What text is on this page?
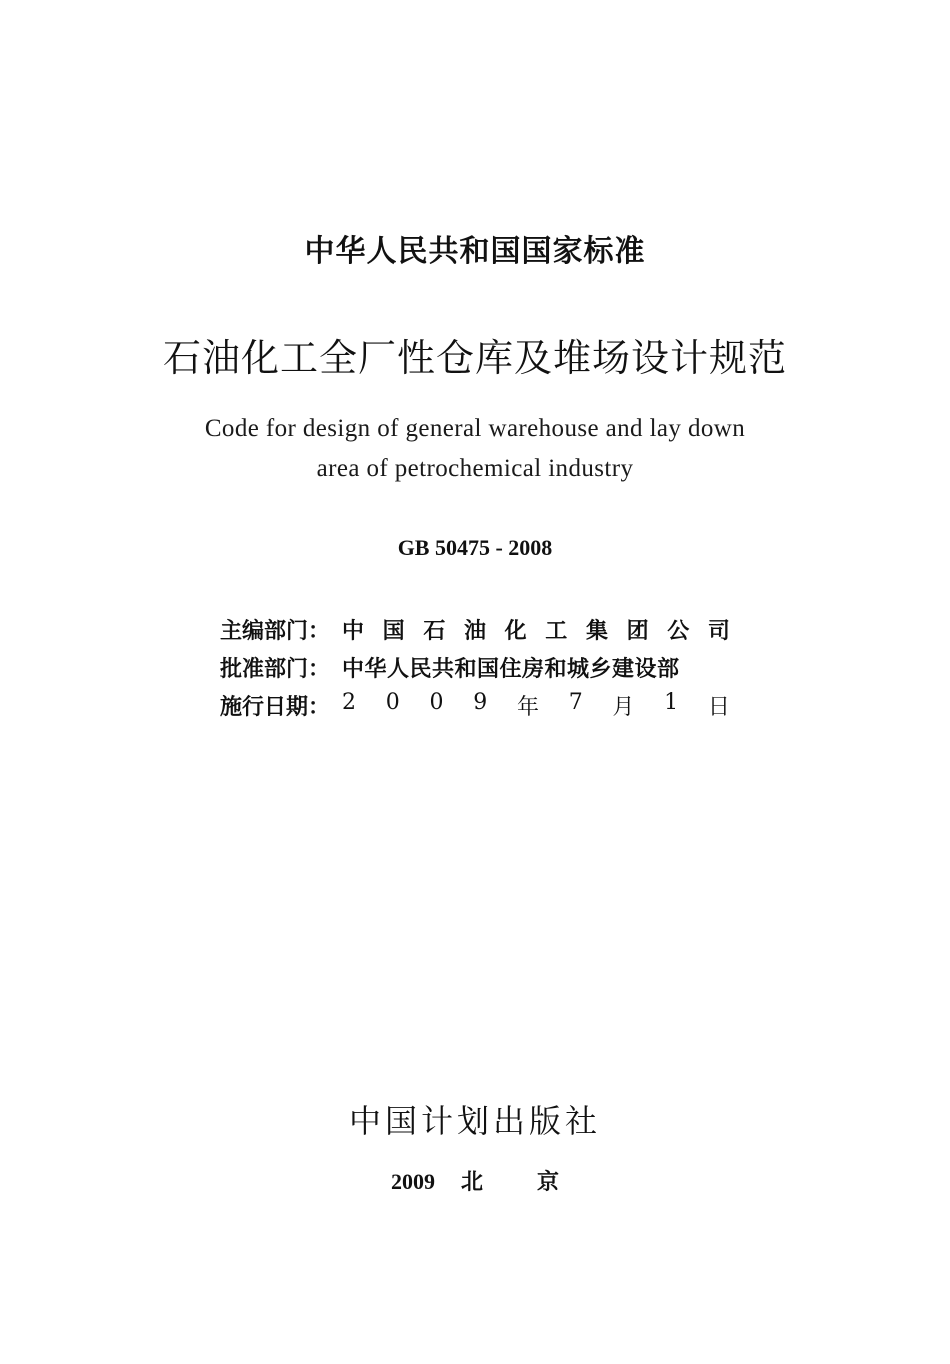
中华人民共和国国家标准
石油化工全厂性仓库及堆场设计规范
Code for design of general warehouse and lay down
area of petrochemical industry
GB 50475 - 2008
主编部门： 中 国 石 油 化 工 集 团 公 司
批准部门： 中华人民共和国住房和城乡建设部
施行日期： 2 0 0 9 年 7 月 1 日
中国计划出版社
2009 北 京
